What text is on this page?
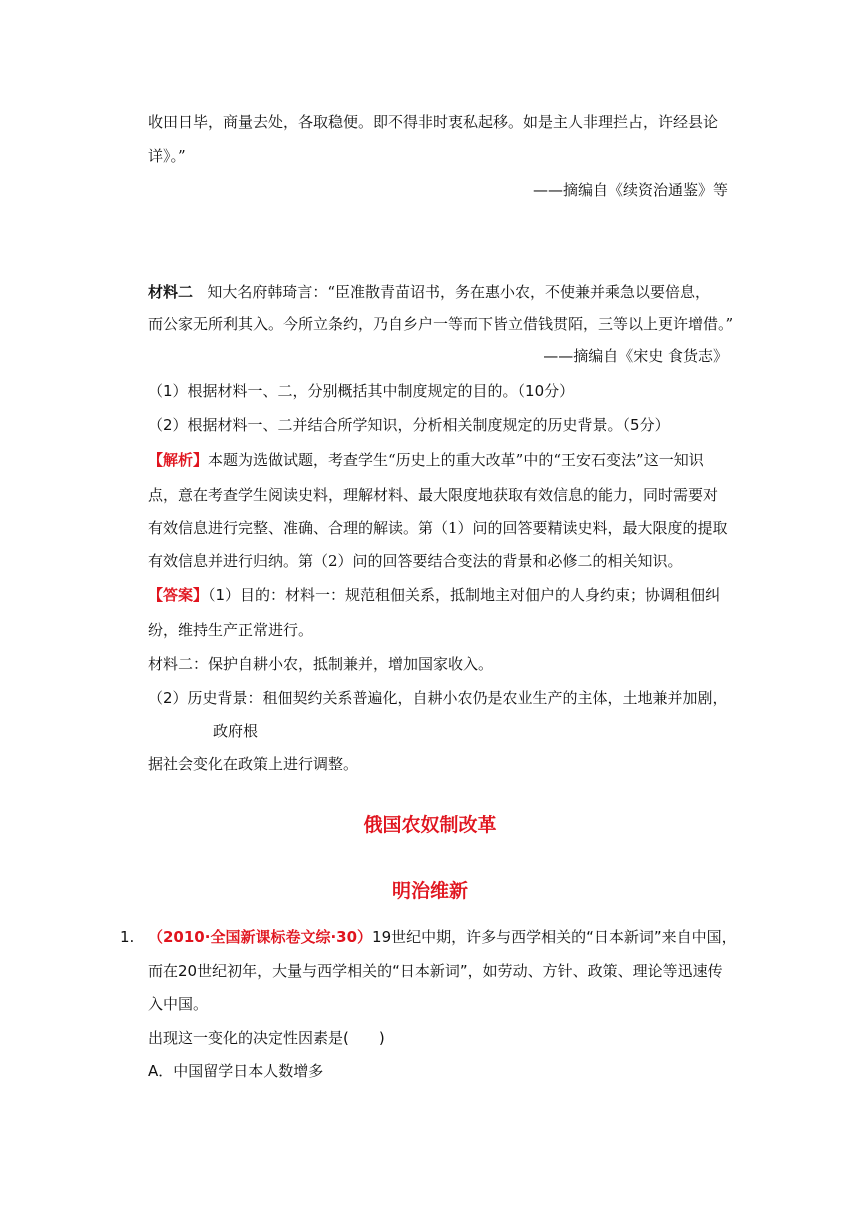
收田日毕，商量去处，各取稳便。即不得非时衷私起移。如是主人非理拦占，许经县论
详》。”
——摘编自《续资治通鉴》等
材料二 知大名府韩琦言：“臣准散青苗诏书，务在惠小农，不使兼并乘急以要倍息，
而公家无所利其入。今所立条约，乃自乡户一等而下皆立借钱贯陌，三等以上更许增借。”
——摘编自《宋史 食货志》
（1）根据材料一、二，分别概括其中制度规定的目的。（10分）
（2）根据材料一、二并结合所学知识，分析相关制度规定的历史背景。（5分）
【解析】本题为选做试题，考查学生“历史上的重大改革”中的“王安石变法”这一知识
点，意在考查学生阅读史料，理解材料、最大限度地获取有效信息的能力，同时需要对
有效信息进行完整、准确、合理的解读。第（1）问的回答要精读史料，最大限度的提取
有效信息并进行归纳。第（2）问的回答要结合变法的背景和必修二的相关知识。
【答案】（1）目的：材料一：规范租佃关系，抵制地主对佃户的人身约束；协调租佃纠
纷，维持生产正常进行。
材料二：保护自耕小农，抵制兼并，增加国家收入。
（2）历史背景：租佃契约关系普遍化，自耕小农仍是农业生产的主体，土地兼并加剧，
政府根
据社会变化在政策上进行调整。
俄国农奴制改革
明治维新
1. （2010·全国新课标卷文综·30）19世纪中期，许多与西学相关的“日本新词”来自中国，
而在20世纪初年，大量与西学相关的“日本新词”，如劳动、方针、政策、理论等迅速传
入中国。
出现这一变化的决定性因素是(　　)
A．中国留学日本人数增多
